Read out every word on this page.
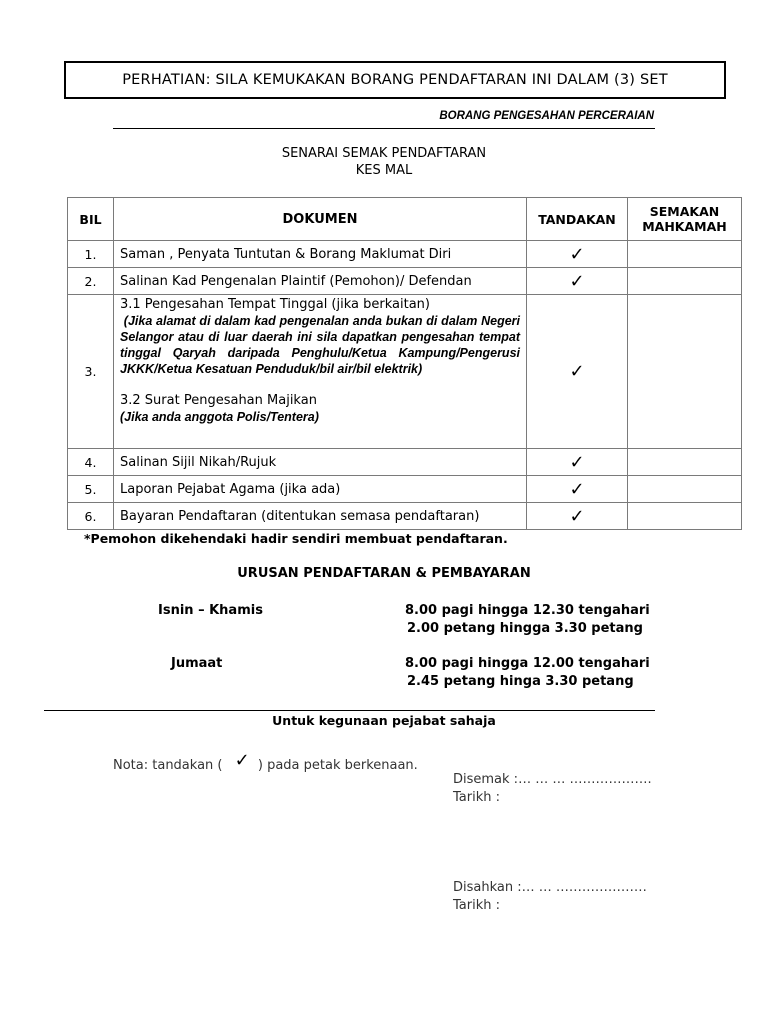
PERHATIAN: SILA KEMUKAKAN BORANG PENDAFTARAN INI DALAM (3) SET
BORANG PENGESAHAN PERCERAIAN
SENARAI SEMAK PENDAFTARAN
KES MAL
BIL	DOKUMEN	TANDAKAN	SEMAKAN
MAHKAMAH

1.	Saman , Penyata Tuntutan & Borang Maklumat Diri	✓	
2.	Salinan Kad Pengenalan Plaintif (Pemohon)/ Defendan	✓	
3.	3.1 Pengesahan Tempat Tinggal (jika berkaitan)
(Jika alamat di dalam kad pengenalan anda bukan di dalam Negeri Selangor atau di luar daerah ini sila dapatkan pengesahan tempat tinggal Qaryah daripada Penghulu/Ketua Kampung/Pengerusi JKKK/Ketua Kesatuan Penduduk/bil air/bil elektrik)
3.2 Surat Pengesahan Majikan
(Jika anda anggota Polis/Tentera)	✓	
4.	Salinan Sijil Nikah/Rujuk	✓	
5.	Laporan Pejabat Agama (jika ada)	✓	
6.	Bayaran Pendaftaran (ditentukan semasa pendaftaran)	✓	
*Pemohon dikehendaki hadir sendiri membuat pendaftaran.
URUSAN PENDAFTARAN & PEMBAYARAN
Isnin – Khamis	8.00 pagi hingga 12.30 tengahari
2.00 petang hingga 3.30 petang
Jumaat	8.00 pagi hingga 12.00 tengahari
2.45 petang hinga 3.30 petang
Untuk kegunaan pejabat sahaja
Nota: tandakan ( ✓ ) pada petak berkenaan.
Disemak :… … … ……………….
Tarikh :
Disahkan :… … …………………
Tarikh :
